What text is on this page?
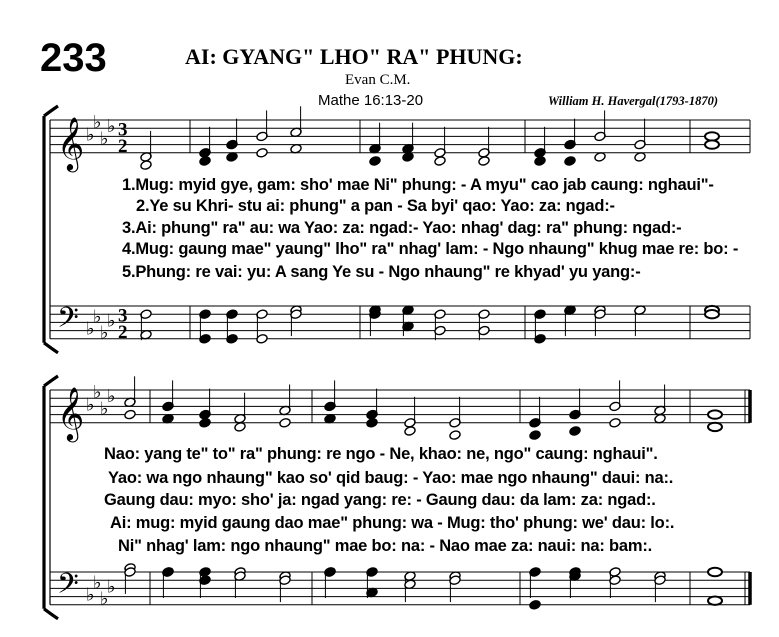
233	AI: GYANG" LHO" RA" PHUNG:
Evan C.M.
Mathe 16:13-20	William H. Havergal(1793-1870)
𝄞
𝄢
♭
♭
♭
♭
♭
♭
♭
♭
3
2
3
2
𝄞
𝄢
♭
♭
♭
♭
♭
♭
♭
♭
1.Mug: myid gye, gam: sho' mae Ni" phung: - A myu" cao jab caung: nghaui"-
2.Ye su Khri- stu ai: phung" a pan - Sa byi' qao: Yao: za: ngad:-
3.Ai: phung" ra" au: wa Yao: za: ngad:- Yao: nhag' dag: ra" phung: ngad:-
4.Mug: gaung mae" yaung" lho" ra" nhag' lam: - Ngo nhaung" khug mae re: bo: -
5.Phung: re vai: yu: A sang Ye su - Ngo nhaung" re khyad' yu yang:-
Nao: yang te" to" ra" phung: re ngo - Ne, khao: ne, ngo" caung: nghaui".
Yao: wa ngo nhaung" kao so' qid baug: - Yao: mae ngo nhaung" daui: na:.
Gaung dau: myo: sho' ja: ngad yang: re: - Gaung dau: da lam: za: ngad:.
Ai: mug: myid gaung dao mae" phung: wa - Mug: tho' phung: we' dau: lo:.
Ni" nhag' lam: ngo nhaung" mae bo: na: - Nao mae za: naui: na: bam:.
